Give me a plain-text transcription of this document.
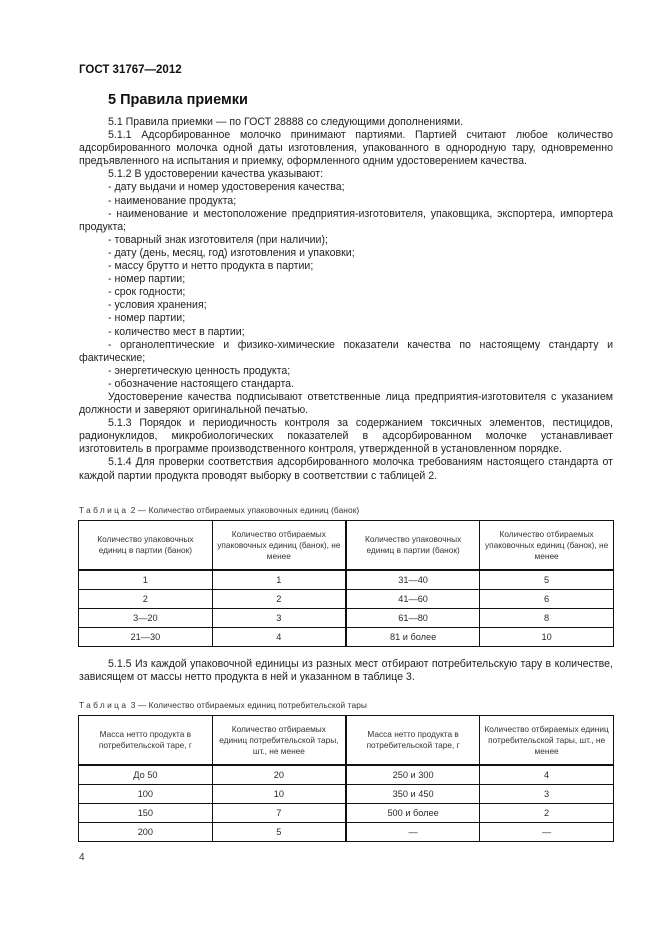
ГОСТ 31767—2012
5 Правила приемки

5.1 Правила приемки — по ГОСТ 28888 со следующими дополнениями.

5.1.1 Адсорбированное молочко принимают партиями. Партией считают любое количество адсорбированного молочка одной даты изготовления, упакованного в однородную тару, одновременно предъявленного на испытания и приемку, оформленного одним удостоверением качества.

5.1.2 В удостоверении качества указывают:

- дату выдачи и номер удостоверения качества;

- наименование продукта;

- наименование и местоположение предприятия-изготовителя, упаковщика, экспортера, импортера продукта;

- товарный знак изготовителя (при наличии);

- дату (день, месяц, год) изготовления и упаковки;

- массу брутто и нетто продукта в партии;

- номер партии;

- срок годности;

- условия хранения;

- номер партии;

- количество мест в партии;

- органолептические и физико-химические показатели качества по настоящему стандарту и фактические;

- энергетическую ценность продукта;

- обозначение настоящего стандарта.

Удостоверение качества подписывают ответственные лица предприятия-изготовителя с указанием должности и заверяют оригинальной печатью.

5.1.3 Порядок и периодичность контроля за содержанием токсичных элементов, пестицидов, радионуклидов, микробиологических показателей в адсорбированном молочке устанавливает изготовитель в программе производственного контроля, утвержденной в установленном порядке.

5.1.4 Для проверки соответствия адсорбированного молочка требованиям настоящего стандарта от каждой партии продукта проводят выборку в соответствии с таблицей 2.

Таблица 2 — Количество отбираемых упаковочных единиц (банок)
Количество упаковочных единиц в партии (банок)	Количество отбираемых упаковочных единиц (банок), не менее	Количество упаковочных единиц в партии (банок)	Количество отбираемых упаковочных единиц (банок), не менее
1	1	31—40	5
2	2	41—60	6
3—20	3	61—80	8
21—30	4	81 и более	10

5.1.5 Из каждой упаковочной единицы из разных мест отбирают потребительскую тару в количестве, зависящем от массы нетто продукта в ней и указанном в таблице 3.

Таблица 3 — Количество отбираемых единиц потребительской тары
Масса нетто продукта в потребительской таре, г	Количество отбираемых единиц потребительской тары, шт., не менее	Масса нетто продукта в потребительской таре, г	Количество отбираемых единиц потребительской тары, шт., не менее
До 50	20	250 и 300	4
100	10	350 и 450	3
150	7	500 и более	2
200	5	—	—
4
